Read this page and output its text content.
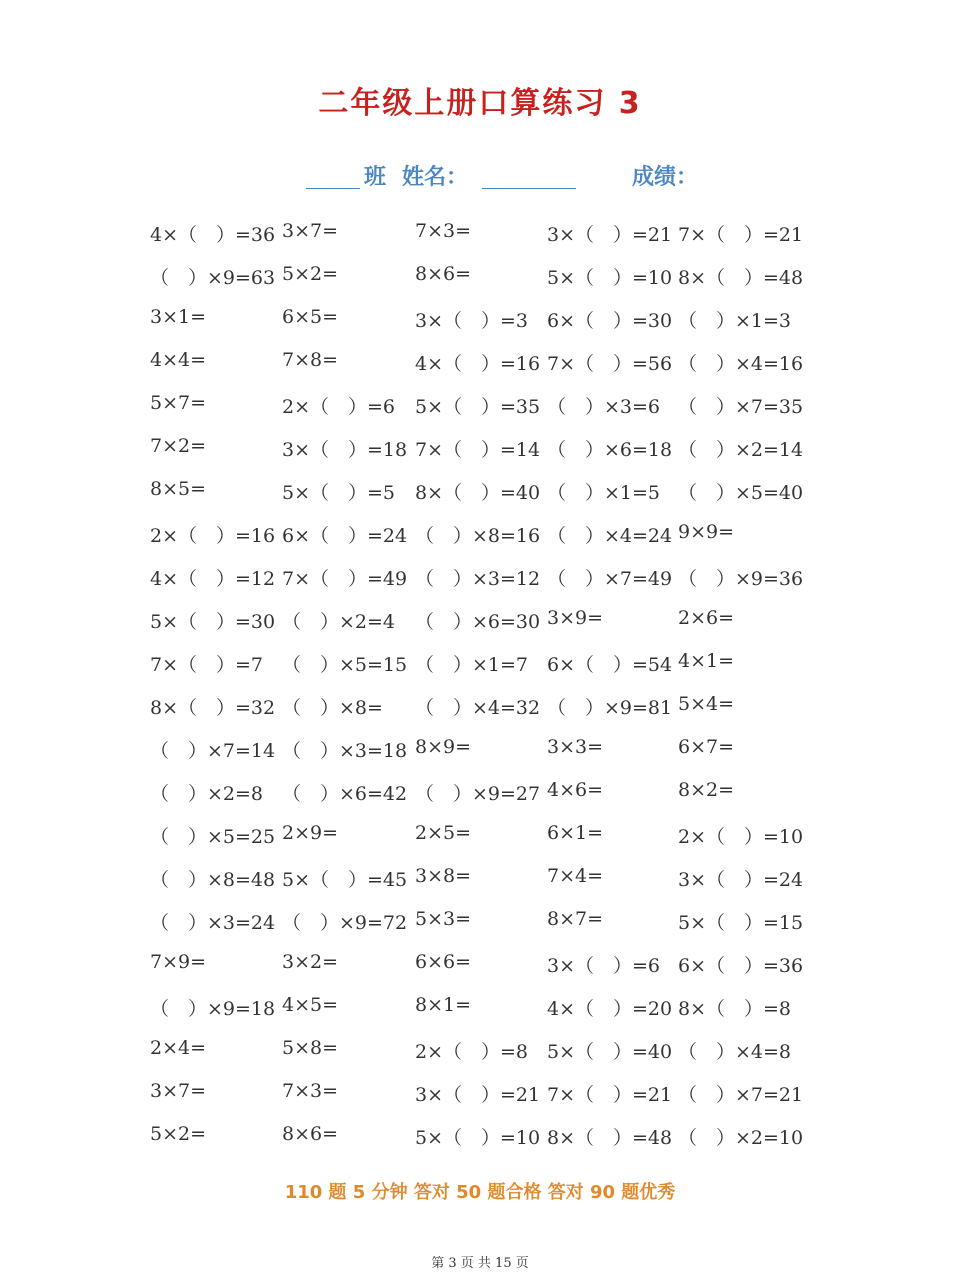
二年级上册口算练习 3
班 姓名：	成绩：
4×（　）=36 3×7=	7×3=	3×（　）=21 7×（　）=21
（　）×9=63 5×2=	8×6=	5×（　）=10 8×（　）=48
3×1=	6×5=	3×（　）=3 6×（　）=30 （　）×1=3
4×4=	7×8=	4×（　）=16 7×（　）=56 （　）×4=16
5×7=	2×（　）=6 5×（　）=35 （　）×3=6 （　）×7=35
7×2=	3×（　）=18 7×（　）=14 （　）×6=18 （　）×2=14
8×5=	5×（　）=5 8×（　）=40 （　）×1=5 （　）×5=40
2×（　）=16 6×（　）=24 （　）×8=16 （　）×4=24 9×9=
4×（　）=12 7×（　）=49 （　）×3=12 （　）×7=49 （　）×9=36
5×（　）=30 （　）×2=4 （　）×6=30 3×9=	2×6=
7×（　）=7 （　）×5=15 （　）×1=7 6×（　）=54 4×1=
8×（　）=32 （　）×8= （　）×4=32 （　）×9=81 5×4=
（　）×7=14 （　）×3=18 8×9=	3×3=	6×7=
（　）×2=8 （　）×6=42 （　）×9=27 4×6=	8×2=
（　）×5=25 2×9=	2×5=	6×1=	2×（　）=10
（　）×8=48 5×（　）=45 3×8=	7×4=	3×（　）=24
（　）×3=24 （　）×9=72 5×3=	8×7=	5×（　）=15
7×9=	3×2=	6×6=	3×（　）=6 6×（　）=36
（　）×9=18 4×5=	8×1=	4×（　）=20 8×（　）=8
2×4=	5×8=	2×（　）=8 5×（　）=40 （　）×4=8
3×7=	7×3=	3×（　）=21 7×（　）=21 （　）×7=21
5×2=	8×6=	5×（　）=10 8×（　）=48 （　）×2=10
110 题 5 分钟 答对 50 题合格 答对 90 题优秀
第 3 页 共 15 页
